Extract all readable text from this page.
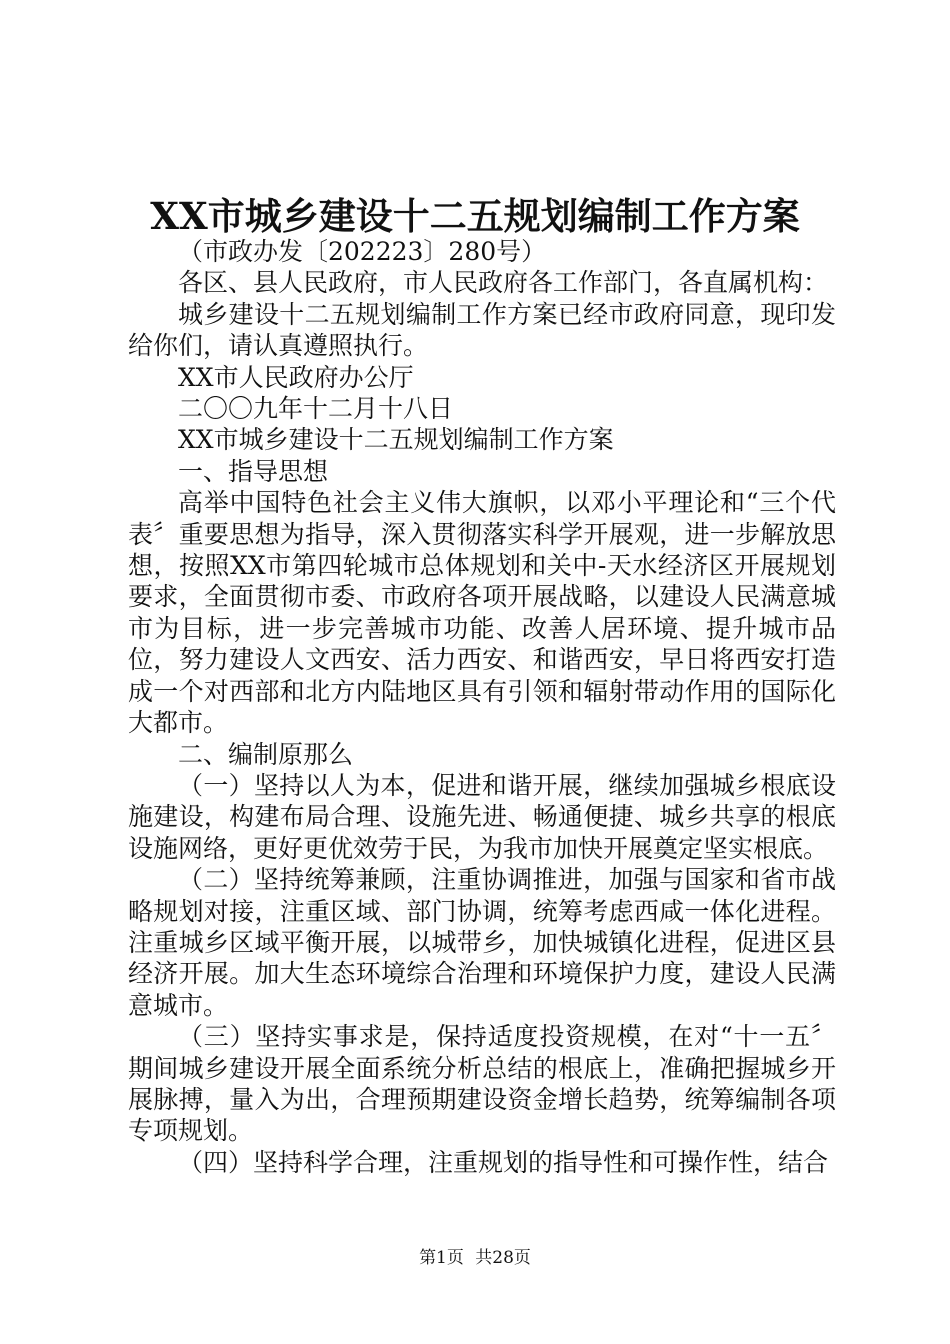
XX市城乡建设十二五规划编制工作方案

（市政办发〔202223〕280号）

各区、县人民政府，市人民政府各工作部门，各直属机构：

城乡建设十二五规划编制工作方案已经市政府同意，现印发给你们，请认真遵照执行。

XX市人民政府办公厅

二〇〇九年十二月十八日

XX市城乡建设十二五规划编制工作方案

一、指导思想

高举中国特色社会主义伟大旗帜，以邓小平理论和“三个代表〞重要思想为指导，深入贯彻落实科学开展观，进一步解放思想，按照XX市第四轮城市总体规划和关中-天水经济区开展规划要求，全面贯彻市委、市政府各项开展战略，以建设人民满意城市为目标，进一步完善城市功能、改善人居环境、提升城市品位，努力建设人文西安、活力西安、和谐西安，早日将西安打造成一个对西部和北方内陆地区具有引领和辐射带动作用的国际化大都市。

二、编制原那么

（一）坚持以人为本，促进和谐开展，继续加强城乡根底设施建设，构建布局合理、设施先进、畅通便捷、城乡共享的根底设施网络，更好更优效劳于民，为我市加快开展奠定坚实根底。

（二）坚持统筹兼顾，注重协调推进，加强与国家和省市战略规划对接，注重区域、部门协调，统筹考虑西咸一体化进程。注重城乡区域平衡开展，以城带乡，加快城镇化进程，促进区县经济开展。加大生态环境综合治理和环境保护力度，建设人民满意城市。

（三）坚持实事求是，保持适度投资规模，在对“十一五〞期间城乡建设开展全面系统分析总结的根底上，准确把握城乡开展脉搏，量入为出，合理预期建设资金增长趋势，统筹编制各项专项规划。

（四）坚持科学合理，注重规划的指导性和可操作性，结合

第1页 共28页
